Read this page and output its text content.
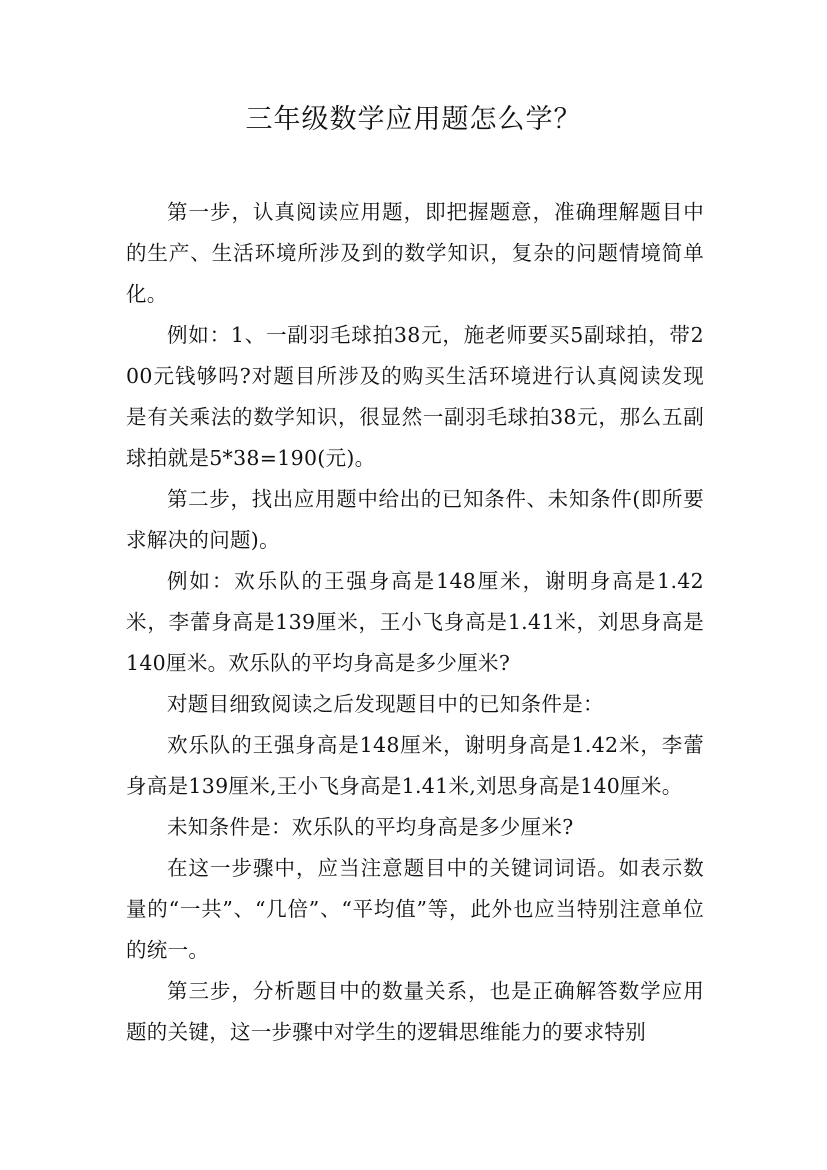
三年级数学应用题怎么学？

第一步，认真阅读应用题，即把握题意，准确理解题目中的生产、生活环境所涉及到的数学知识，复杂的问题情境简单化。

例如：1、一副羽毛球拍38元，施老师要买5副球拍，带200元钱够吗?对题目所涉及的购买生活环境进行认真阅读发现是有关乘法的数学知识，很显然一副羽毛球拍38元，那么五副球拍就是5*38=190(元)。

第二步，找出应用题中给出的已知条件、未知条件(即所要求解决的问题)。

例如：欢乐队的王强身高是148厘米，谢明身高是1.42米，李蕾身高是139厘米，王小飞身高是1.41米，刘思身高是140厘米。欢乐队的平均身高是多少厘米?

对题目细致阅读之后发现题目中的已知条件是：

欢乐队的王强身高是148厘米，谢明身高是1.42米，李蕾身高是139厘米,王小飞身高是1.41米,刘思身高是140厘米。

未知条件是：欢乐队的平均身高是多少厘米?

在这一步骤中，应当注意题目中的关键词词语。如表示数量的“一共”、“几倍”、“平均值”等，此外也应当特别注意单位的统一。

第三步，分析题目中的数量关系，也是正确解答数学应用题的关键，这一步骤中对学生的逻辑思维能力的要求特别
